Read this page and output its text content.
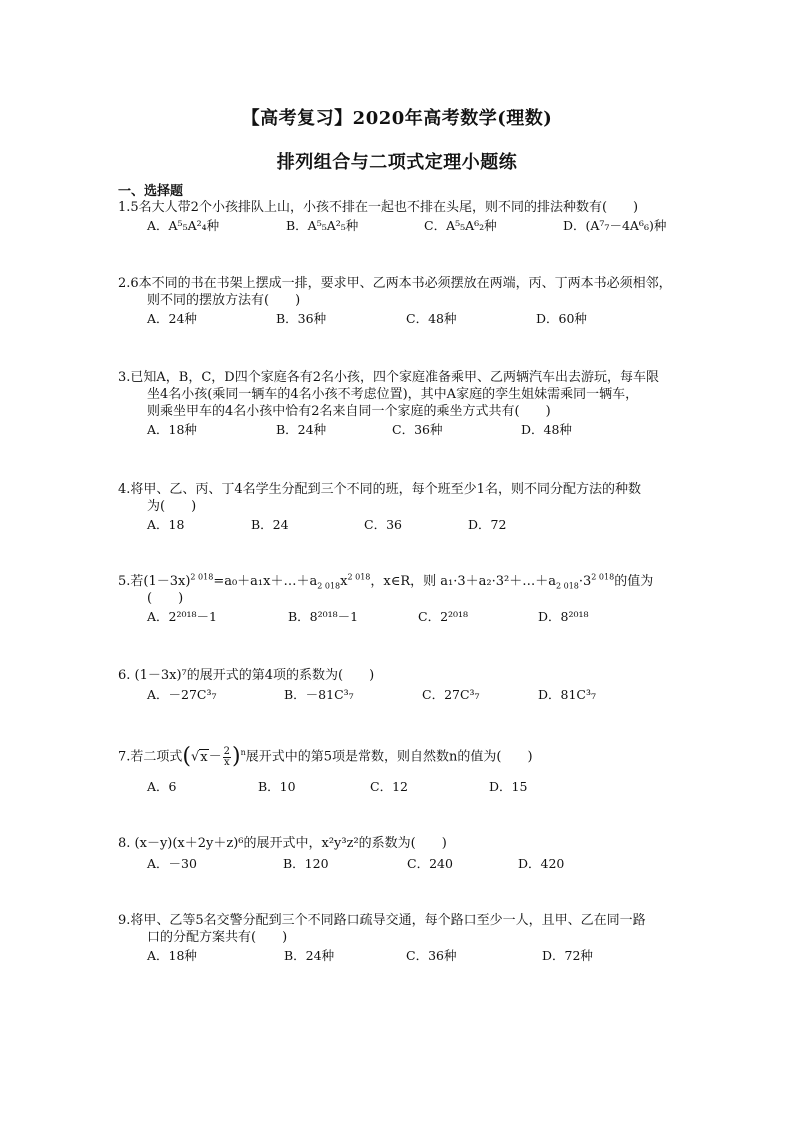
【高考复习】2020年高考数学(理数)
排列组合与二项式定理小题练
一、选择题
1.5名大人带2个小孩排队上山，小孩不排在一起也不排在头尾，则不同的排法种数有(　　)
A．A⁵₅A²₄种	B．A⁵₅A²₅种	C．A⁵₅A⁶₂种	D．(A⁷₇－4A⁶₆)种
2.6本不同的书在书架上摆成一排，要求甲、乙两本书必须摆放在两端，丙、丁两本书必须相邻，
则不同的摆放方法有(　　)
A．24种	B．36种	C．48种	D．60种
3.已知A，B，C，D四个家庭各有2名小孩，四个家庭准备乘甲、乙两辆汽车出去游玩，每车限
坐4名小孩(乘同一辆车的4名小孩不考虑位置)，其中A家庭的孪生姐妹需乘同一辆车，
则乘坐甲车的4名小孩中恰有2名来自同一个家庭的乘坐方式共有(　　)
A．18种	B．24种	C．36种	D．48种
4.将甲、乙、丙、丁4名学生分配到三个不同的班，每个班至少1名，则不同分配方法的种数
为(　　)
A．18	B．24	C．36	D．72
5.若$(1-3x)^{2 018}=a_0+a_1x+\dots+a_{2 018}x^{2 018}$，x∈R，则 $a_1\cdot 3+a_2\cdot 3^2+\dots+a_{2 018}\cdot 3^{2 018}$的值为
(　　)
A．2²⁰¹⁸－1	B．8²⁰¹⁸－1	C．2²⁰¹⁸	D．8²⁰¹⁸
6. (1－3x)⁷的展开式的第4项的系数为(　　)
A．－27C³₇	B．－81C³₇	C．27C³₇	D．81C³₇
7.若二项式$(√x- \frac{2}{x} )^n$展开式中的第5项是常数，则自然数n的值为(　　)
A．6	B．10	C．12	D．15
8. (x－y)(x＋2y＋z)⁶的展开式中，x²y³z²的系数为(　　)
A．－30	B．120	C．240	D．420
9.将甲、乙等5名交警分配到三个不同路口疏导交通，每个路口至少一人，且甲、乙在同一路
口的分配方案共有(　　)
A．18种	B．24种	C．36种	D．72种
